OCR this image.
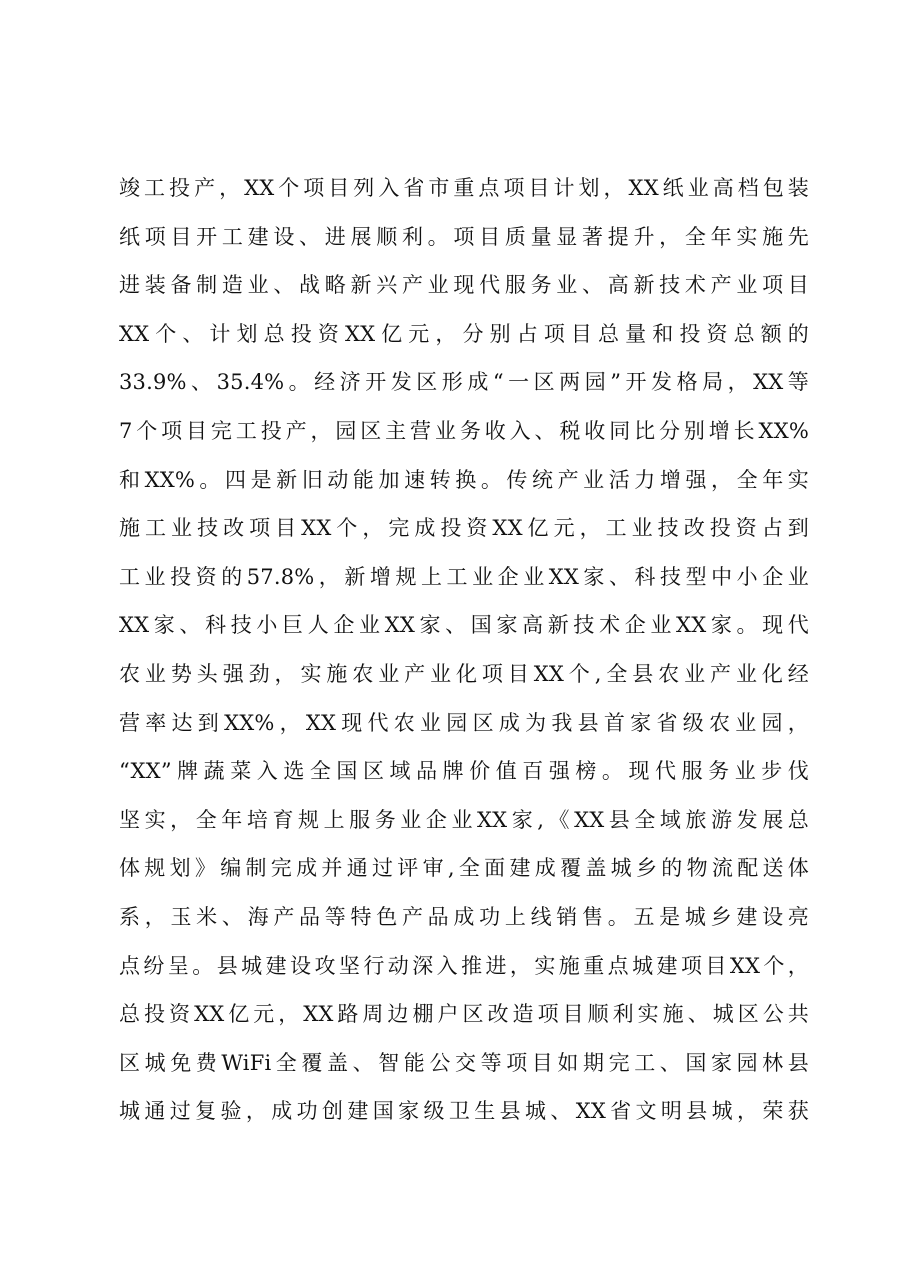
竣工投产，XX个项目列入省市重点项目计划，XX纸业高档包装
纸项目开工建设、进展顺利。项目质量显著提升，全年实施先
进装备制造业、战略新兴产业现代服务业、高新技术产业项目
XX个、计划总投资XX亿元，分别占项目总量和投资总额的
33.9%、35.4%。经济开发区形成“一区两园”开发格局，XX等
7个项目完工投产，园区主营业务收入、税收同比分别增长XX%
和XX%。四是新旧动能加速转换。传统产业活力增强，全年实
施工业技改项目XX个，完成投资XX亿元，工业技改投资占到
工业投资的57.8%，新增规上工业企业XX家、科技型中小企业
XX家、科技小巨人企业XX家、国家高新技术企业XX家。现代
农业势头强劲，实施农业产业化项目XX个,全县农业产业化经
营率达到XX%，XX现代农业园区成为我县首家省级农业园，
“XX”牌蔬菜入选全国区域品牌价值百强榜。现代服务业步伐
坚实，全年培育规上服务业企业XX家,《XX县全域旅游发展总
体规划》编制完成并通过评审,全面建成覆盖城乡的物流配送体
系，玉米、海产品等特色产品成功上线销售。五是城乡建设亮
点纷呈。县城建设攻坚行动深入推进，实施重点城建项目XX个，
总投资XX亿元，XX路周边棚户区改造项目顺利实施、城区公共
区城免费WiFi全覆盖、智能公交等项目如期完工、国家园林县
城通过复验，成功创建国家级卫生县城、XX省文明县城，荣获
